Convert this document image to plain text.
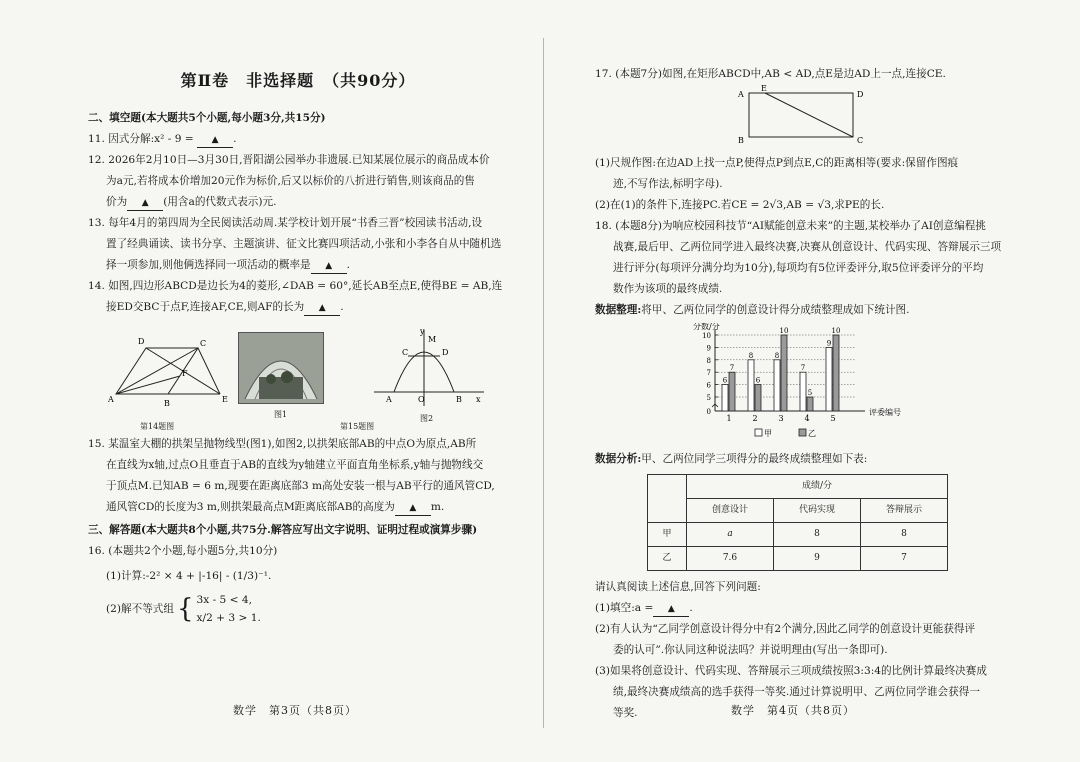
第Ⅱ卷　非选择题　（共90分）
二、填空题(本大题共5个小题,每小题3分,共15分)

11. 因式分解:x² - 9 = ▲ .

12. 2026年2月10日—3月30日,晋阳湖公园举办非遗展.已知某展位展示的商品成本价

为a元,若将成本价增加20元作为标价,后又以标价的八折进行销售,则该商品的售

价为 ▲ (用含a的代数式表示)元.

13. 每年4月的第四周为全民阅读活动周.某学校计划开展“书香三晋”校园读书活动,设

置了经典诵读、读书分享、主题演讲、征文比赛四项活动,小张和小李各自从中随机选

择一项参加,则他俩选择同一项活动的概率是 ▲ .

14. 如图,四边形ABCD是边长为4的菱形,∠DAB = 60°,延长AB至点E,使得BE = AB,连

接ED交BC于点F,连接AF,CE,则AF的长为 ▲ .

A	B
C
D
E
F
第14题图
图1
y
M
C	D
A	O	B x
图2
第15题图

15. 某温室大棚的拱架呈抛物线型(图1),如图2,以拱架底部AB的中点O为原点,AB所

在直线为x轴,过点O且垂直于AB的直线为y轴建立平面直角坐标系,y轴与抛物线交

于顶点M.已知AB = 6 m,现要在距离底部3 m高处安装一根与AB平行的通风管CD,

通风管CD的长度为3 m,则拱架最高点M距离底部AB的高度为 ▲ m.

三、解答题(本大题共8个小题,共75分.解答应写出文字说明、证明过程或演算步骤)

16. (本题共2个小题,每小题5分,共10分)

(1)计算:-2² × 4 + |-16| - (1/3)⁻¹.

(2)解不等式组 { 3x - 5 < 4,
x/2 + 3 > 1.
数学　第3页（共8页）

17. (本题7分)如图,在矩形ABCD中,AB < AD,点E是边AD上一点,连接CE.

A
E
D
B	C

(1)尺规作图:在边AD上找一点P,使得点P到点E,C的距离相等(要求:保留作图痕

迹,不写作法,标明字母).

(2)在(1)的条件下,连接PC.若CE = 2√3,AB = √3,求PE的长.

18. (本题8分)为响应校园科技节“AI赋能创意未来”的主题,某校举办了AI创意编程挑

战赛,最后甲、乙两位同学进入最终决赛,决赛从创意设计、代码实现、答辩展示三项

进行评分(每项评分满分均为10分),每项均有5位评委评分,取5位评委评分的平均

数作为该项的最终成绩.

数据整理:将甲、乙两位同学的创意设计得分成绩整理成如下统计图.

0
5
6
7
8
9
10
分数/分
评委编号
1
6
7
2
8
6
3
8
10
4
7
5
5
9
10
甲	乙

数据分析:甲、乙两位同学三项得分的最终成绩整理如下表:

	成绩/分		
	创意设计	代码实现	答辩展示
甲	a	8	8
乙	7.6	9	7

请认真阅读上述信息,回答下列问题:

(1)填空:a = ▲ .

(2)有人认为“乙同学创意设计得分中有2个满分,因此乙同学的创意设计更能获得评

委的认可”.你认同这种说法吗？并说明理由(写出一条即可).

(3)如果将创意设计、代码实现、答辩展示三项成绩按照3:3:4的比例计算最终决赛成

绩,最终决赛成绩高的选手获得一等奖.通过计算说明甲、乙两位同学谁会获得一

等奖.	数学　第4页（共8页）
